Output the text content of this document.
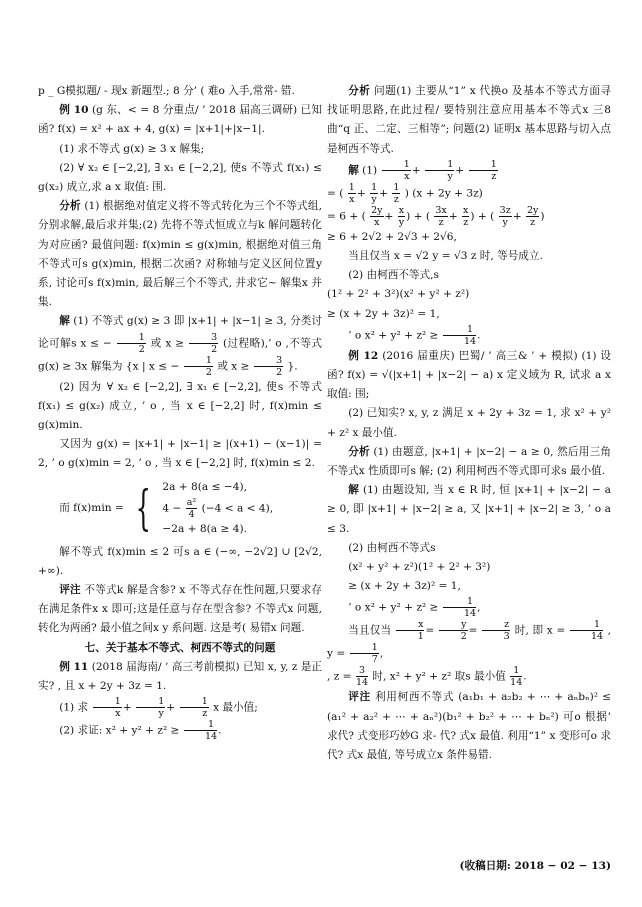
p _ G模拟题/ - 现x 新题型.; 8 分’ ( 难o 入手,常常- 错.

例 10 (g 东、< = 8 分重点/ ’ 2018 届高三调研) 已知函? f(x) = x² + ax + 4, g(x) = |x+1|+|x−1|.

(1) 求不等式 g(x) ≥ 3 x 解集;

(2) ∀ x₂ ∈ [−2,2], ∃ x₁ ∈ [−2,2], 使s 不等式 f(x₁) ≤ g(x₂) 成立,求 a x 取值: 围.

分析 (1) 根据绝对值定义将不等式转化为三个不等式组,分别求解,最后求并集;(2) 先将不等式恒成立与k 解问题转化为对应函? 最值问题: f(x)min ≤ g(x)min, 根据绝对值三角不等式可s g(x)min, 根据二次函? 对称轴与定义区间位置y 系, 讨论可s f(x)min, 最后解三个不等式, 并求它~ 解集x 并集.

解 (1) 不等式 g(x) ≥ 3 即 |x+1| + |x−1| ≥ 3, 分类讨论可解s x ≤ − $\frac{1}{2}$ 或 $x \ge \frac{3}{2}$ (过程略),’ o ,不等式 g(x) ≥ 3x 解集为 {x | x ≤ − $\frac{1}{2}$ 或 $x \ge \frac{3}{2}$ }.

(2) 因为 ∀ x₂ ∈ [−2,2], ∃ x₁ ∈ [−2,2], 使s 不等式 f(x₁) ≤ g(x₂) 成立, ’ o , 当 x ∈ [−2,2] 时, f(x)min ≤ g(x)min.

又因为 g(x) = |x+1| + |x−1| ≥ |(x+1) − (x−1)| = 2, ’ o g(x)min = 2, ’ o , 当 x ∈ [−2,2] 时, f(x)min ≤ 2.

而 f(x)min = { 2a + 8(a ≤ −4),
$4 - \frac{\text{a²}}{4} (-4 < a < 4)$,
−2a + 8(a ≥ 4).

解不等式 f(x)min ≤ 2 可s a ∈ (−∞, −2√2] ∪ [2√2, +∞).

评注 不等式k 解是含参? x 不等式存在性问题,只要求存在满足条件x x 即可;这是任意与存在型含参? 不等式x 问题,转化为两函? 最小值之间x y 系问题. 这是考( 易错x 问题.

七、关于基本不等式、柯西不等式的问题

例 11 (2018 届海南/ ’ 高三考前模拟) 已知 x, y, z 是正实? , 且 x + 2y + 3z = 1.

(1) 求 $\frac{1}{x} + \frac{1}{y} + \frac{1}{z}$ x 最小值;

(2) 求证: $x^2 + y^2 + z^2 \ge \frac{1}{14}$ .

分析 问题(1) 主要从“1” x 代换o 及基本不等式方面寻找证明思路,在此过程/ 要特别注意应用基本不等式x 三8 曲“q 正、二定、三相等”; 问题(2) 证明x 基本思路与切入点是柯西不等式.

解 $(1) \frac{1}{x} + \frac{1}{y} + \frac{1}{z}$

= ( $\frac{1}{x} + \frac{1}{y} + \frac{1}{z}$ ) (x + 2y + 3z)

= 6 + ( $\frac{2y}{x} + \frac{x}{y}$ ) + ( $\frac{3x}{z} + \frac{x}{z}$ ) + ( $\frac{3z}{y} + \frac{2y}{z}$ )

≥ 6 + 2√2 + 2√3 + 2√6,

当且仅当 x = √2 y = √3 z 时, 等号成立.

(2) 由柯西不等式,s

(1² + 2² + 3²)(x² + y² + z²)

≥ (x + 2y + 3z)² = 1,

’ o $x^2 + y^2 + z^2 \ge \frac{1}{14}$ .

例 12 (2016 届重庆) 巴蜀/ ’ 高三& ’ + 模拟) (1) 设函? f(x) = √(|x+1| + |x−2| − a) x 定义域为 R, 试求 a x 取值: 围;

(2) 已知实? x, y, z 满足 x + 2y + 3z = 1, 求 x² + y² + z² x 最小值.

分析 (1) 由题意, |x+1| + |x−2| − a ≥ 0, 然后用三角不等式x 性质即可s 解; (2) 利用柯西不等式即可求s 最小值.

解 (1) 由题设知, 当 x ∈ R 时, 恒 |x+1| + |x−2| − a ≥ 0, 即 |x+1| + |x−2| ≥ a, 又 |x+1| + |x−2| ≥ 3, ’ o a ≤ 3.

(2) 由柯西不等式s

(x² + y² + z²)(1² + 2² + 3²)

≥ (x + 2y + 3z)² = 1,

’ o $x^2 + y^2 + z^2 \ge \frac{1}{14}$ ,

当且仅当 $\frac{x}{1} = \frac{y}{2} = \frac{z}{3}$ 时, 即 $x = \frac{1}{14}$ , $y = \frac{1}{7}$ ,

, $z = \frac{3}{14}$ 时, x² + y² + z² 取s 最小值 $\frac{1}{14}$ .

评注 利用柯西不等式 (a₁b₁ + a₂b₂ + ⋯ + aₙbₙ)² ≤ (a₁² + a₂² + ⋯ + aₙ²)(b₁² + b₂² + ⋯ + bₙ²) 可o 根据’ 求代? 式变形巧妙G 求- 代? 式x 最值. 利用“1” x 变形可o 求代? 式x 最值, 等号成立x 条件易错.

(收稿日期: 2018 − 02 − 13)
